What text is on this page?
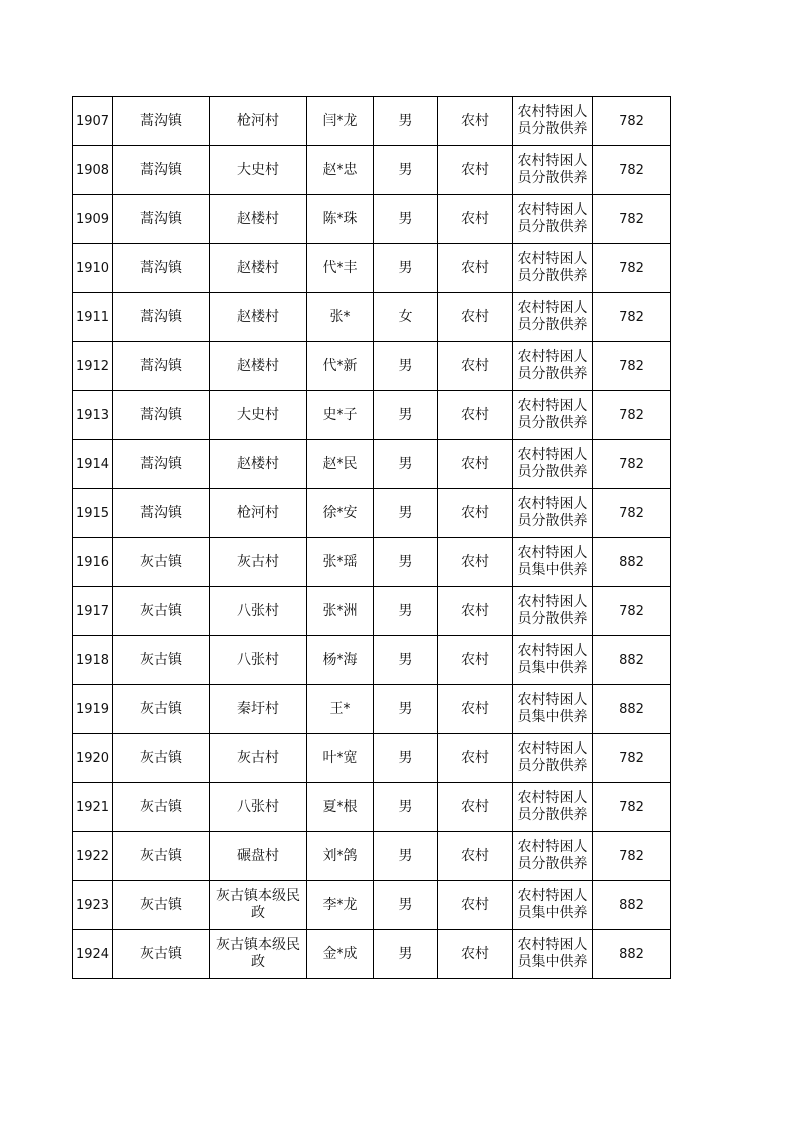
1907	蒿沟镇	枪河村	闫*龙	男	农村	农村特困人员分散供养	782
1908	蒿沟镇	大史村	赵*忠	男	农村	农村特困人员分散供养	782
1909	蒿沟镇	赵楼村	陈*珠	男	农村	农村特困人员分散供养	782
1910	蒿沟镇	赵楼村	代*丰	男	农村	农村特困人员分散供养	782
1911	蒿沟镇	赵楼村	张*	女	农村	农村特困人员分散供养	782
1912	蒿沟镇	赵楼村	代*新	男	农村	农村特困人员分散供养	782
1913	蒿沟镇	大史村	史*子	男	农村	农村特困人员分散供养	782
1914	蒿沟镇	赵楼村	赵*民	男	农村	农村特困人员分散供养	782
1915	蒿沟镇	枪河村	徐*安	男	农村	农村特困人员分散供养	782
1916	灰古镇	灰古村	张*瑶	男	农村	农村特困人员集中供养	882
1917	灰古镇	八张村	张*洲	男	农村	农村特困人员分散供养	782
1918	灰古镇	八张村	杨*海	男	农村	农村特困人员集中供养	882
1919	灰古镇	秦圩村	王*	男	农村	农村特困人员集中供养	882
1920	灰古镇	灰古村	叶*宽	男	农村	农村特困人员分散供养	782
1921	灰古镇	八张村	夏*根	男	农村	农村特困人员分散供养	782
1922	灰古镇	碾盘村	刘*鸽	男	农村	农村特困人员分散供养	782
1923	灰古镇	灰古镇本级民政	李*龙	男	农村	农村特困人员集中供养	882
1924	灰古镇	灰古镇本级民政	金*成	男	农村	农村特困人员集中供养	882
